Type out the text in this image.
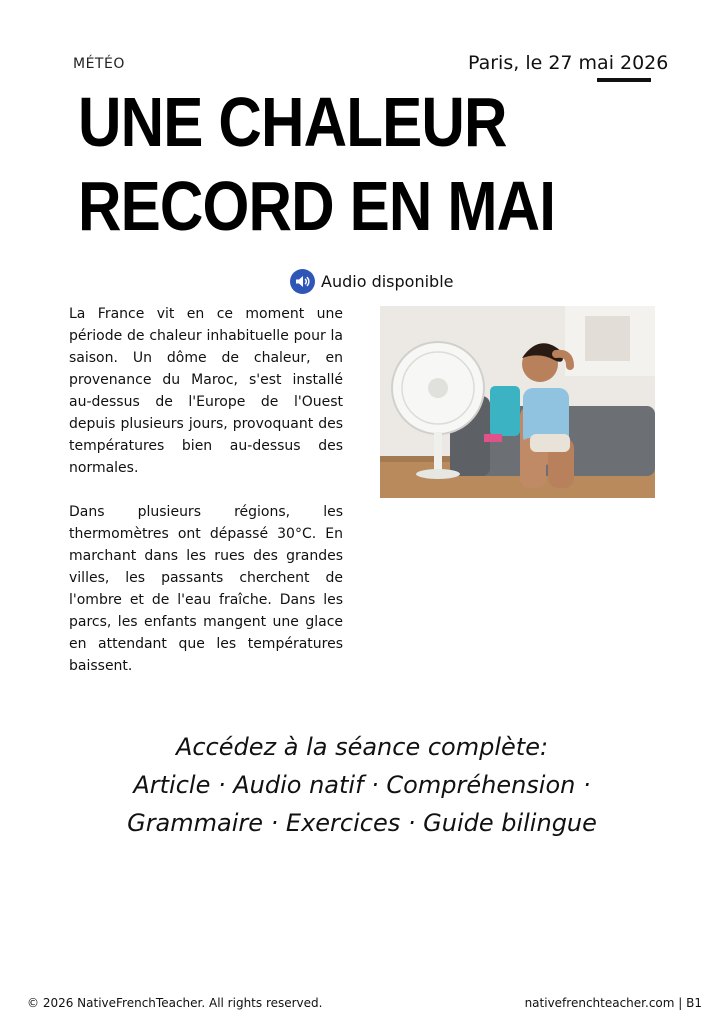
MÉTÉO	Paris, le 27 mai 2026
UNE CHALEUR
RECORD EN MAI
Audio disponible

La France vit en ce moment une période de chaleur inhabituelle pour la saison. Un dôme de chaleur, en provenance du Maroc, s'est installé au-dessus de l'Europe de l'Ouest depuis plusieurs jours, provoquant des températures bien au-dessus des normales.

Dans plusieurs régions, les thermomètres ont dépassé 30°C. En marchant dans les rues des grandes villes, les passants cherchent de l'ombre et de l'eau fraîche. Dans les parcs, les enfants mangent une glace en attendant que les températures baissent.

Accédez à la séance complète:
Article · Audio natif · Compréhension ·
Grammaire · Exercices · Guide bilingue
© 2026 NativeFrenchTeacher. All rights reserved.	nativefrenchteacher.com | B1
